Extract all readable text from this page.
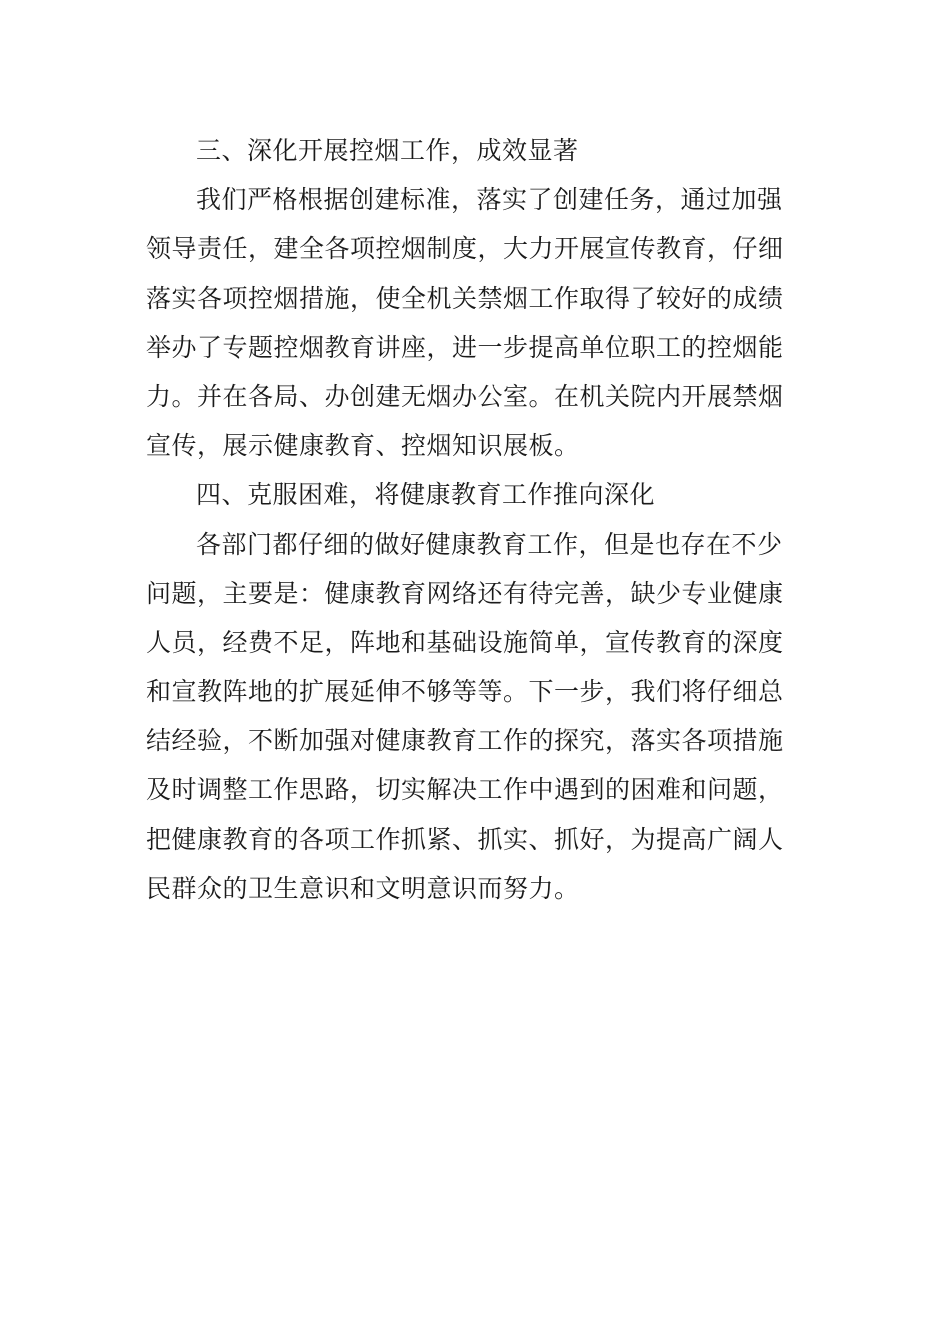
三、深化开展控烟工作，成效显著
我们严格根据创建标准，落实了创建任务，通过加强
领导责任，建全各项控烟制度，大力开展宣传教育，仔细
落实各项控烟措施，使全机关禁烟工作取得了较好的成绩
举办了专题控烟教育讲座，进一步提高单位职工的控烟能
力。并在各局、办创建无烟办公室。在机关院内开展禁烟
宣传，展示健康教育、控烟知识展板。
四、克服困难，将健康教育工作推向深化
各部门都仔细的做好健康教育工作，但是也存在不少
问题，主要是：健康教育网络还有待完善，缺少专业健康
人员，经费不足，阵地和基础设施简单，宣传教育的深度
和宣教阵地的扩展延伸不够等等。下一步，我们将仔细总
结经验，不断加强对健康教育工作的探究，落实各项措施
及时调整工作思路，切实解决工作中遇到的困难和问题，
把健康教育的各项工作抓紧、抓实、抓好，为提高广阔人
民群众的卫生意识和文明意识而努力。
